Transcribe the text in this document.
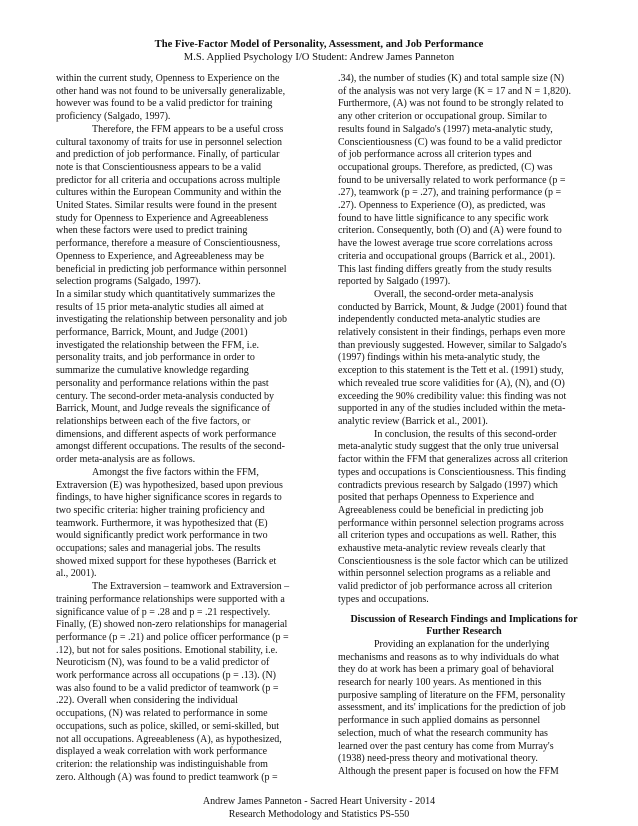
The Five-Factor Model of Personality, Assessment, and Job Performance
M.S. Applied Psychology I/O Student: Andrew James Panneton
within the current study, Openness to Experience on the
other hand was not found to be universally generalizable,
however was found to be a valid predictor for training
proficiency (Salgado, 1997).
Therefore, the FFM appears to be a useful cross
cultural taxonomy of traits for use in personnel selection
and prediction of job performance. Finally, of particular
note is that Conscientiousness appears to be a valid
predictor for all criteria and occupations across multiple
cultures within the European Community and within the
United States. Similar results were found in the present
study for Openness to Experience and Agreeableness
when these factors were used to predict training
performance, therefore a measure of Conscientiousness,
Openness to Experience, and Agreeableness may be
beneficial in predicting job performance within personnel
selection programs (Salgado, 1997).
In a similar study which quantitatively summarizes the
results of 15 prior meta-analytic studies all aimed at
investigating the relationship between personality and job
performance, Barrick, Mount, and Judge (2001)
investigated the relationship between the FFM, i.e.
personality traits, and job performance in order to
summarize the cumulative knowledge regarding
personality and performance relations within the past
century. The second-order meta-analysis conducted by
Barrick, Mount, and Judge reveals the significance of
relationships between each of the five factors, or
dimensions, and different aspects of work performance
amongst different occupations. The results of the second-
order meta-analysis are as follows.
Amongst the five factors within the FFM,
Extraversion (E) was hypothesized, based upon previous
findings, to have higher significance scores in regards to
two specific criteria: higher training proficiency and
teamwork. Furthermore, it was hypothesized that (E)
would significantly predict work performance in two
occupations; sales and managerial jobs. The results
showed mixed support for these hypotheses (Barrick et
al., 2001).
The Extraversion – teamwork and Extraversion –
training performance relationships were supported with a
significance value of p = .28 and p = .21 respectively.
Finally, (E) showed non-zero relationships for managerial
performance (p = .21) and police officer performance (p =
.12), but not for sales positions. Emotional stability, i.e.
Neuroticism (N), was found to be a valid predictor of
work performance across all occupations (p = .13). (N)
was also found to be a valid predictor of teamwork (p =
.22). Overall when considering the individual
occupations, (N) was related to performance in some
occupations, such as police, skilled, or semi-skilled, but
not all occupations. Agreeableness (A), as hypothesized,
displayed a weak correlation with work performance
criterion: the relationship was indistinguishable from
zero. Although (A) was found to predict teamwork (p =
.34), the number of studies (K) and total sample size (N)
of the analysis was not very large (K = 17 and N = 1,820).
Furthermore, (A) was not found to be strongly related to
any other criterion or occupational group. Similar to
results found in Salgado's (1997) meta-analytic study,
Conscientiousness (C) was found to be a valid predictor
of job performance across all criterion types and
occupational groups. Therefore, as predicted, (C) was
found to be universally related to work performance (p =
.27), teamwork (p = .27), and training performance (p =
.27). Openness to Experience (O), as predicted, was
found to have little significance to any specific work
criterion. Consequently, both (O) and (A) were found to
have the lowest average true score correlations across
criteria and occupational groups (Barrick et al., 2001).
This last finding differs greatly from the study results
reported by Salgado (1997).
Overall, the second-order meta-analysis
conducted by Barrick, Mount, & Judge (2001) found that
independently conducted meta-analytic studies are
relatively consistent in their findings, perhaps even more
than previously suggested. However, similar to Salgado's
(1997) findings within his meta-analytic study, the
exception to this statement is the Tett et al. (1991) study,
which revealed true score validities for (A), (N), and (O)
exceeding the 90% credibility value: this finding was not
supported in any of the studies included within the meta-
analytic review (Barrick et al., 2001).
In conclusion, the results of this second-order
meta-analytic study suggest that the only true universal
factor within the FFM that generalizes across all criterion
types and occupations is Conscientiousness. This finding
contradicts previous research by Salgado (1997) which
posited that perhaps Openness to Experience and
Agreeableness could be beneficial in predicting job
performance within personnel selection programs across
all criterion types and occupations as well. Rather, this
exhaustive meta-analytic review reveals clearly that
Conscientiousness is the sole factor which can be utilized
within personnel selection programs as a reliable and
valid predictor of job performance across all criterion
types and occupations.
Discussion of Research Findings and Implications for
Further Research
Providing an explanation for the underlying
mechanisms and reasons as to why individuals do what
they do at work has been a primary goal of behavioral
research for nearly 100 years. As mentioned in this
purposive sampling of literature on the FFM, personality
assessment, and its' implications for the prediction of job
performance in such applied domains as personnel
selection, much of what the research community has
learned over the past century has come from Murray's
(1938) need-press theory and motivational theory.
Although the present paper is focused on how the FFM
Andrew James Panneton - Sacred Heart University - 2014
Research Methodology and Statistics PS-550
